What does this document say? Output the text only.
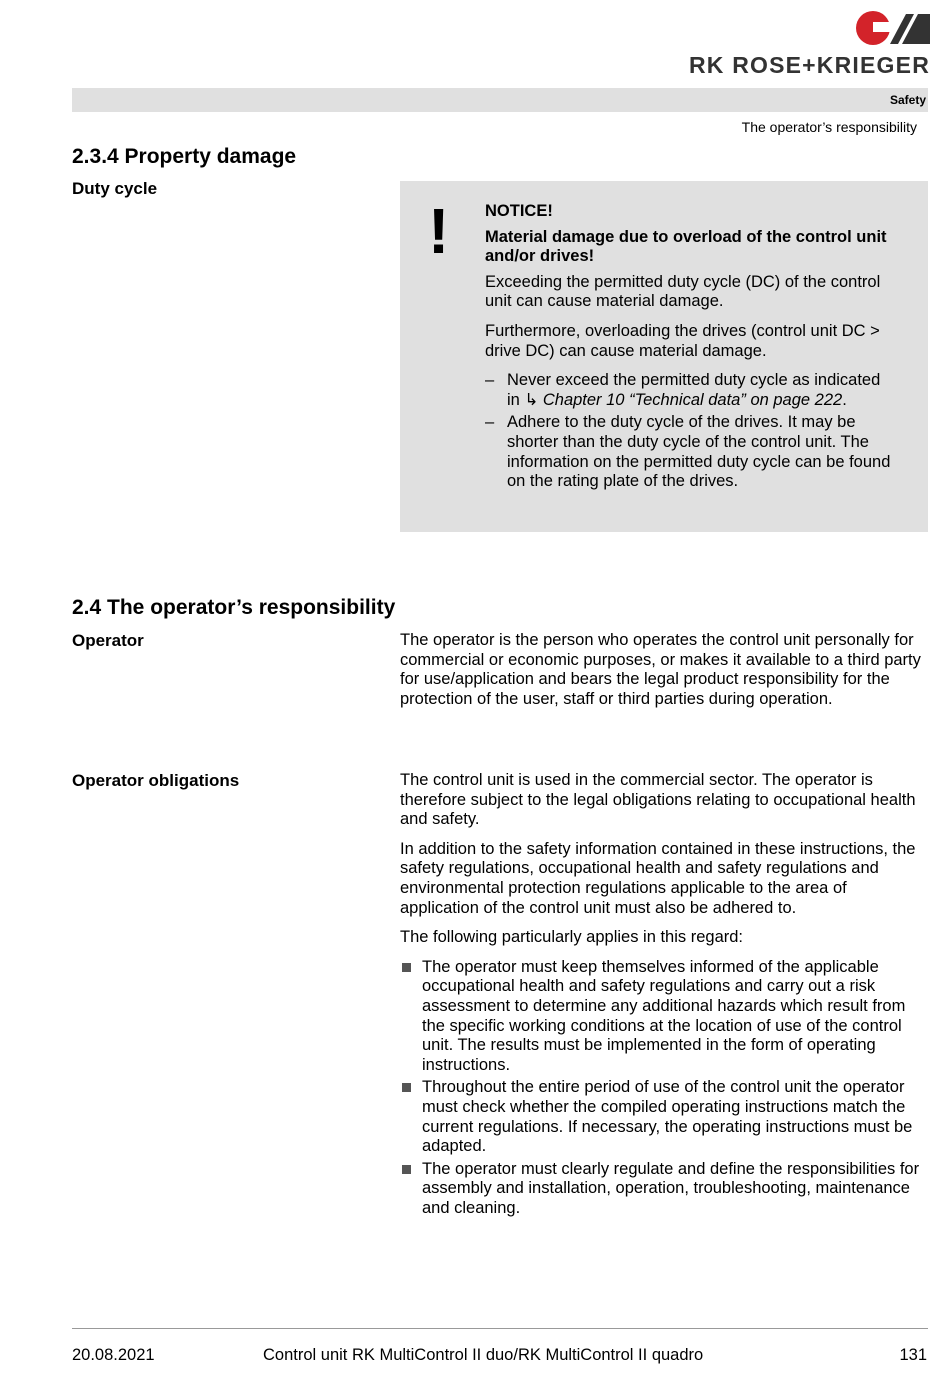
RK ROSE+KRIEGER
Safety
The operator’s responsibility
2.3.4 Property damage
Duty cycle
! NOTICE!

Material damage due to overload of the control unit and/or drives!

Exceeding the permitted duty cycle (DC) of the control unit can cause material damage.

Furthermore, overloading the drives (control unit DC > drive DC) can cause material damage.

– Never exceed the permitted duty cycle as indicated in ↳ Chapter 10 “Technical data” on page 222.
– Adhere to the duty cycle of the drives. It may be shorter than the duty cycle of the control unit. The information on the permitted duty cycle can be found on the rating plate of the drives.
2.4 The operator’s responsibility
Operator	The operator is the person who operates the control unit personally for commercial or economic purposes, or makes it available to a third party for use/application and bears the legal product responsibility for the protection of the user, staff or third parties during operation.
Operator obligations	The control unit is used in the commercial sector. The operator is therefore subject to the legal obligations relating to occupational health and safety.

In addition to the safety information contained in these instructions, the safety regulations, occupational health and safety regulations and environmental protection regulations applicable to the area of application of the control unit must also be adhered to.

The following particularly applies in this regard:

The operator must keep themselves informed of the applicable occupational health and safety regulations and carry out a risk assessment to determine any additional hazards which result from the specific working conditions at the location of use of the control unit. The results must be implemented in the form of operating instructions.
Throughout the entire period of use of the control unit the operator must check whether the compiled operating instructions match the current regulations. If necessary, the operating instructions must be adapted.
The operator must clearly regulate and define the responsibilities for assembly and installation, operation, troubleshooting, maintenance and cleaning.
20.08.2021	Control unit RK MultiControl II duo/RK MultiControl II quadro	131
